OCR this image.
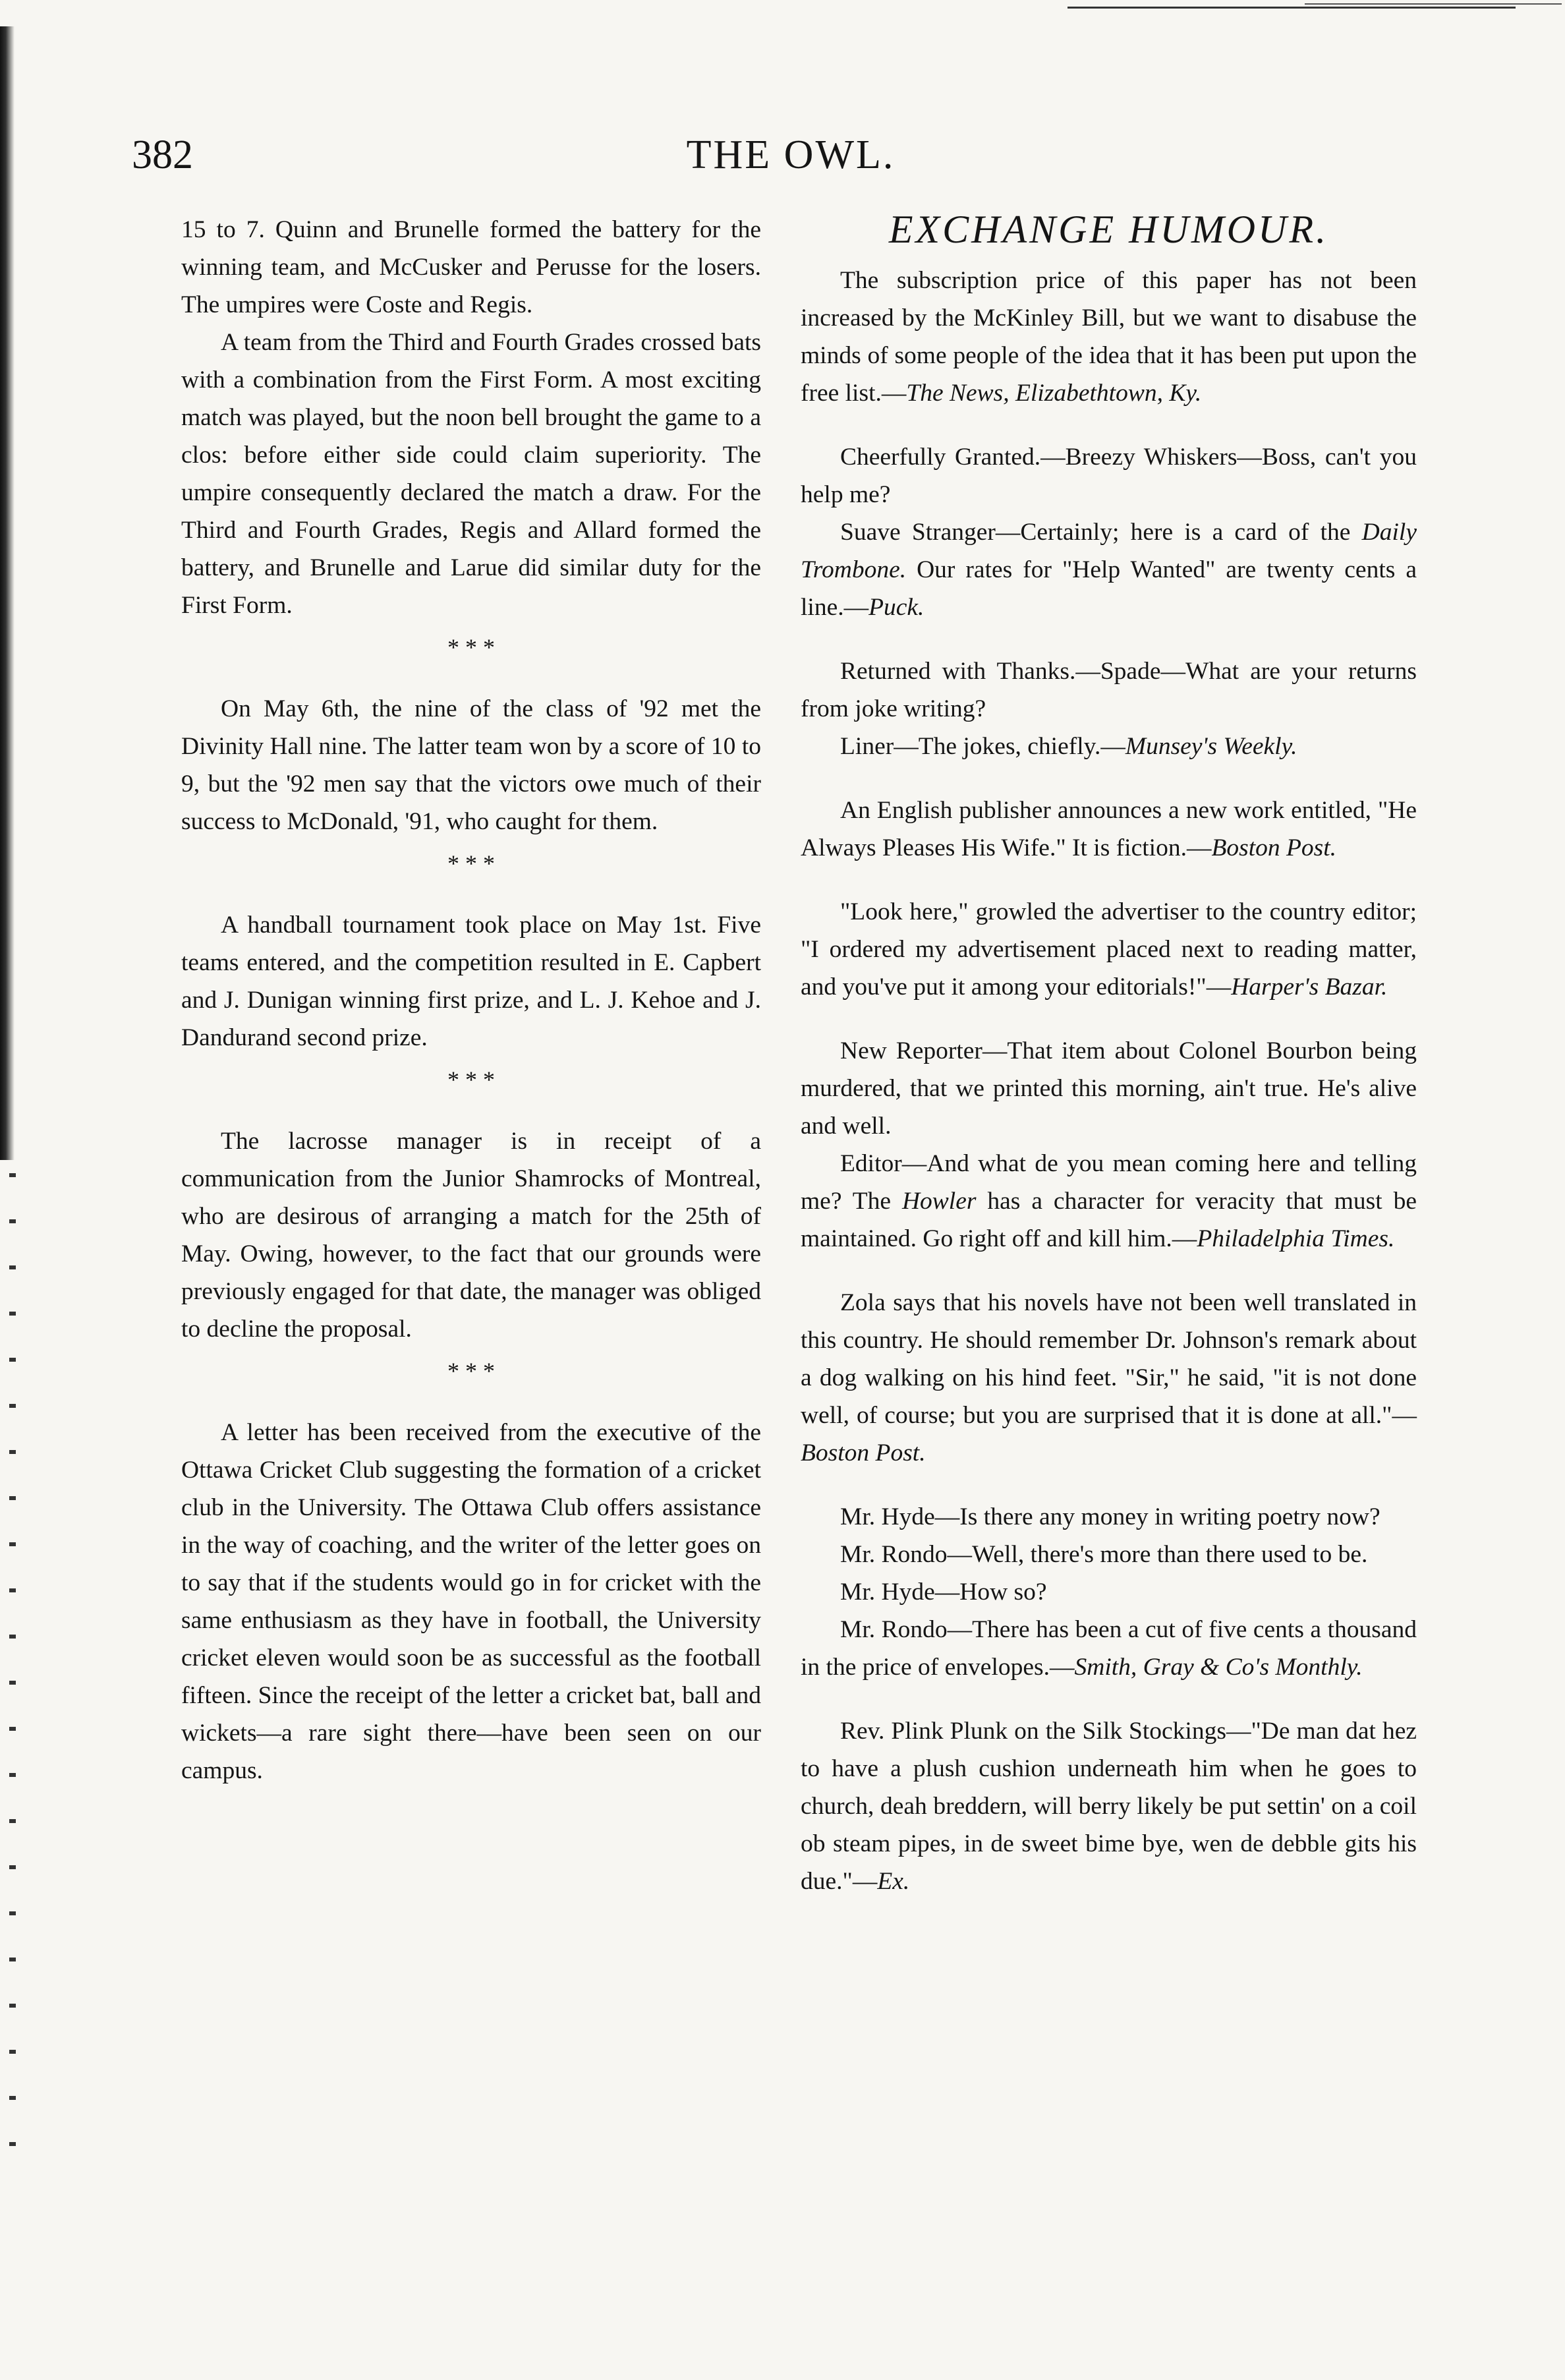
382	THE OWL.

15 to 7. Quinn and Brunelle formed the battery for the winning team, and McCusker and Perusse for the losers. The umpires were Coste and Regis.

A team from the Third and Fourth Grades crossed bats with a combination from the First Form. A most exciting match was played, but the noon bell brought the game to a clos: before either side could claim superiority. The umpire consequently declared the match a draw. For the Third and Fourth Grades, Regis and Allard formed the battery, and Brunelle and Larue did similar duty for the First Form.

* * *

On May 6th, the nine of the class of '92 met the Divinity Hall nine. The latter team won by a score of 10 to 9, but the '92 men say that the victors owe much of their success to McDonald, '91, who caught for them.

* * *

A handball tournament took place on May 1st. Five teams entered, and the competition resulted in E. Capbert and J. Dunigan winning first prize, and L. J. Kehoe and J. Dandurand second prize.

* * *

The lacrosse manager is in receipt of a communication from the Junior Shamrocks of Montreal, who are desirous of arranging a match for the 25th of May. Owing, however, to the fact that our grounds were previously engaged for that date, the manager was obliged to decline the proposal.

* * *

A letter has been received from the executive of the Ottawa Cricket Club suggesting the formation of a cricket club in the University. The Ottawa Club offers assistance in the way of coaching, and the writer of the letter goes on to say that if the students would go in for cricket with the same enthusiasm as they have in football, the University cricket eleven would soon be as successful as the football fifteen. Since the receipt of the letter a cricket bat, ball and wickets—a rare sight there—have been seen on our campus.

EXCHANGE HUMOUR.

The subscription price of this paper has not been increased by the McKinley Bill, but we want to disabuse the minds of some people of the idea that it has been put upon the free list.—The News, Elizabethtown, Ky.

Cheerfully Granted.—Breezy Whiskers—Boss, can't you help me?

Suave Stranger—Certainly; here is a card of the Daily Trombone. Our rates for "Help Wanted" are twenty cents a line.—Puck.

Returned with Thanks.—Spade—What are your returns from joke writing?

Liner—The jokes, chiefly.—Munsey's Weekly.

An English publisher announces a new work entitled, "He Always Pleases His Wife." It is fiction.—Boston Post.

"Look here," growled the advertiser to the country editor; "I ordered my advertisement placed next to reading matter, and you've put it among your editorials!"—Harper's Bazar.

New Reporter—That item about Colonel Bourbon being murdered, that we printed this morning, ain't true. He's alive and well.

Editor—And what de you mean coming here and telling me? The Howler has a character for veracity that must be maintained. Go right off and kill him.—Philadelphia Times.

Zola says that his novels have not been well translated in this country. He should remember Dr. Johnson's remark about a dog walking on his hind feet. "Sir," he said, "it is not done well, of course; but you are surprised that it is done at all."—Boston Post.

Mr. Hyde—Is there any money in writing poetry now?

Mr. Rondo—Well, there's more than there used to be.

Mr. Hyde—How so?

Mr. Rondo—There has been a cut of five cents a thousand in the price of envelopes.—Smith, Gray & Co's Monthly.

Rev. Plink Plunk on the Silk Stockings—"De man dat hez to have a plush cushion underneath him when he goes to church, deah breddern, will berry likely be put settin' on a coil ob steam pipes, in de sweet bime bye, wen de debble gits his due."—Ex.
